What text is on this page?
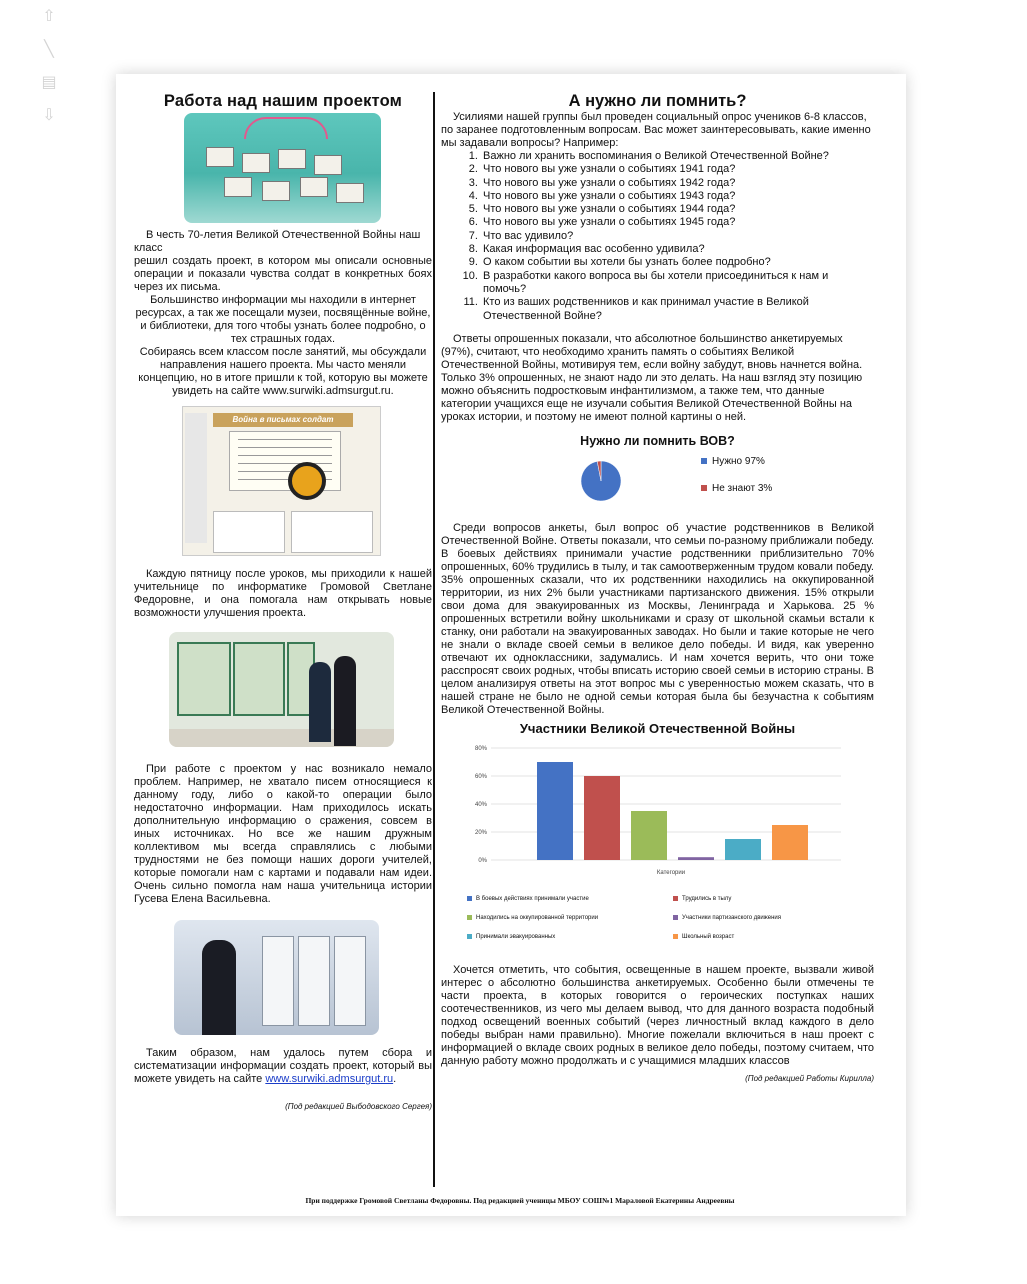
⇧
╲
▤
⇩
Работа над нашим проектом

В честь 70-летия Великой Отечественной Войны наш класс

решил создать проект, в котором мы описали основные операции и показали чувства солдат в конкретных боях через их письма.

Большинство информации мы находили в интернет ресурсах, а так же посещали музеи, посвящённые войне, и библиотеки, для того чтобы узнать более подробно, о тех страшных годах.

Собираясь всем классом после занятий, мы обсуждали направления нашего проекта. Мы часто меняли концепцию, но в итоге пришли к той, которую вы можете увидеть на сайте www.surwiki.admsurgut.ru.

Война в письмах солдат

Каждую пятницу после уроков, мы приходили к нашей учительнице по информатике Громовой Светлане Федоровне, и она помогала нам открывать новые возможности улучшения проекта.

При работе с проектом у нас возникало немало проблем. Например, не хватало писем относящиеся к данному году, либо о какой-то операции было недостаточно информации. Нам приходилось искать дополнительную информацию о сражения, совсем в иных источниках. Но все же нашим дружным коллективом мы всегда справлялись с любыми трудностями не без помощи наших дороги учителей, которые помогали нам с картами и подавали нам идеи. Очень сильно помогла нам наша учительница истории Гусева Елена Васильевна.

Таким образом, нам удалось путем сбора и систематизации информации создать проект, который вы можете увидеть на сайте www.surwiki.admsurgut.ru.

(Под редакцией Выбодовского Сергея)

А нужно ли помнить?

Усилиями нашей группы был проведен социальный опрос учеников 6-8 классов, по заранее подготовленным вопросам. Вас может заинтересовывать, какие именно мы задавали вопросы? Например:

1. Важно ли хранить воспоминания о Великой Отечественной Войне?
2. Что нового вы уже узнали о событиях 1941 года?
3. Что нового вы уже узнали о событиях 1942 года?
4. Что нового вы уже узнали о событиях 1943 года?
5. Что нового вы уже узнали о событиях 1944 года?
6. Что нового вы уже узнали о событиях 1945 года?
7. Что вас удивило?
8. Какая информация вас особенно удивила?
9. О каком событии вы хотели бы узнать более подробно?
10. В разработки какого вопроса вы бы хотели присоединиться к нам и помочь?
11. Кто из ваших родственников и как принимал участие в Великой Отечественной Войне?

Ответы опрошенных показали, что абсолютное большинство анкетируемых (97%), считают, что необходимо хранить память о событиях Великой Отечественной Войны, мотивируя тем, если войну забудут, вновь начнется война. Только 3% опрошенных, не знают надо ли это делать. На наш взгляд эту позицию можно объяснить подростковым инфантилизмом, а также тем, что данные категории учащихся еще не изучали события Великой Отечественной Войны на уроках истории, и поэтому не имеют полной картины о ней.

Нужно ли помнить ВОВ?
Нужно 97%
Не знают 3%

Среди вопросов анкеты, был вопрос об участие родственников в Великой Отечественной Войне. Ответы показали, что семьи по-разному приближали победу. В боевых действиях принимали участие родственники приблизительно 70% опрошенных, 60% трудились в тылу, и так самоотверженным трудом ковали победу. 35% опрошенных сказали, что их родственники находились на оккупированной территории, из них 2% были участниками партизанского движения. 15% открыли свои дома для эвакуированных из Москвы, Ленинграда и Харькова. 25 % опрошенных встретили войну школьниками и сразу от школьной скамьи встали к станку, они работали на эвакуированных заводах. Но были и такие которые не чего не знали о вкладе своей семьи в великое дело победы. И видя, как уверенно отвечают их одноклассники, задумались. И нам хочется верить, что они тоже расспросят своих родных, чтобы вписать историю своей семьи в историю страны. В целом анализируя ответы на этот вопрос мы с уверенностью можем сказать, что в нашей стране не было не одной семьи которая была бы безучастна к событиям Великой Отечественной Войны.

Участники Великой Отечественной Войны
0%
20%
40%
60%
80%
Категории
В боевых действиях принимали участие	Трудились в тылу
Находились на оккупированной территории	Участники партизанского движения
Принимали эвакуированных	Школьный возраст

Хочется отметить, что события, освещенные в нашем проекте, вызвали живой интерес о абсолютно большинства анкетируемых. Особенно были отмечены те части проекта, в которых говорится о героических поступках наших соотечественников, из чего мы делаем вывод, что для данного возраста подобный подход освещений военных событий (через личностный вклад каждого в дело победы выбран нами правильно). Многие пожелали включиться в наш проект с информацией о вкладе своих родных в великое дело победы, поэтому считаем, что данную работу можно продолжать и с учащимися младших классов

(Под редакцией Работы Кирилла)

При поддержке Громовой Светланы Федоровны. Под редакцией ученицы МБОУ СОШ№1 Мараловой Екатерины Андреевны
